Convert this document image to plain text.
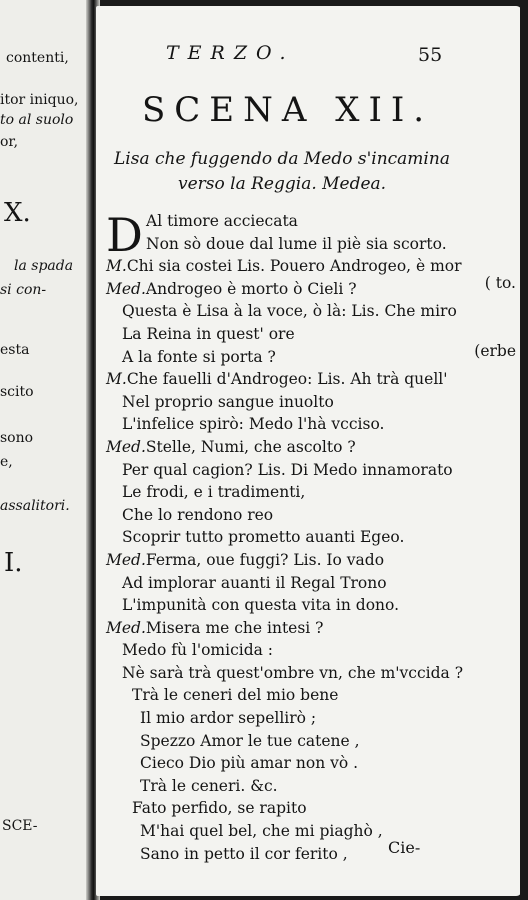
contenti,
itor iniquo,
to al suolo
or,
X.
la spada
si con-
esta
scito
sono
e,
assalitori.
I.
SCE-
TERZO.	55
SCENA XII.
Lisa che fuggendo da Medo s'incamina
verso la Reggia. Medea.
D Al timore acciecata
Non sò doue dal lume il piè sia scorto.
M.Chi sia costei Lis. Pouero Androgeo, è mor
Med.Androgeo è morto ò Cieli ?	( to.
Questa è Lisa à la voce, ò là: Lis. Che miro
La Reina in quest' ore
A la fonte si porta ?	(erbe
M.Che fauelli d'Androgeo: Lis. Ah trà quell'
Nel proprio sangue inuolto
L'infelice spirò: Medo l'hà vcciso.
Med.Stelle, Numi, che ascolto ?
Per qual cagion? Lis. Di Medo innamorato
Le frodi, e i tradimenti,
Che lo rendono reo
Scoprir tutto prometto auanti Egeo.
Med.Ferma, oue fuggi? Lis. Io vado
Ad implorar auanti il Regal Trono
L'impunità con questa vita in dono.
Med.Misera me che intesi ?
Medo fù l'omicida :
Nè sarà trà quest'ombre vn, che m'vccida ?
Trà le ceneri del mio bene
Il mio ardor sepellirò ;
Spezzo Amor le tue catene ,
Cieco Dio più amar non vò .
Trà le ceneri. &c.
Fato perfido, se rapito
M'hai quel bel, che mi piaghò ,
Sano in petto il cor ferito ,	Cie-
